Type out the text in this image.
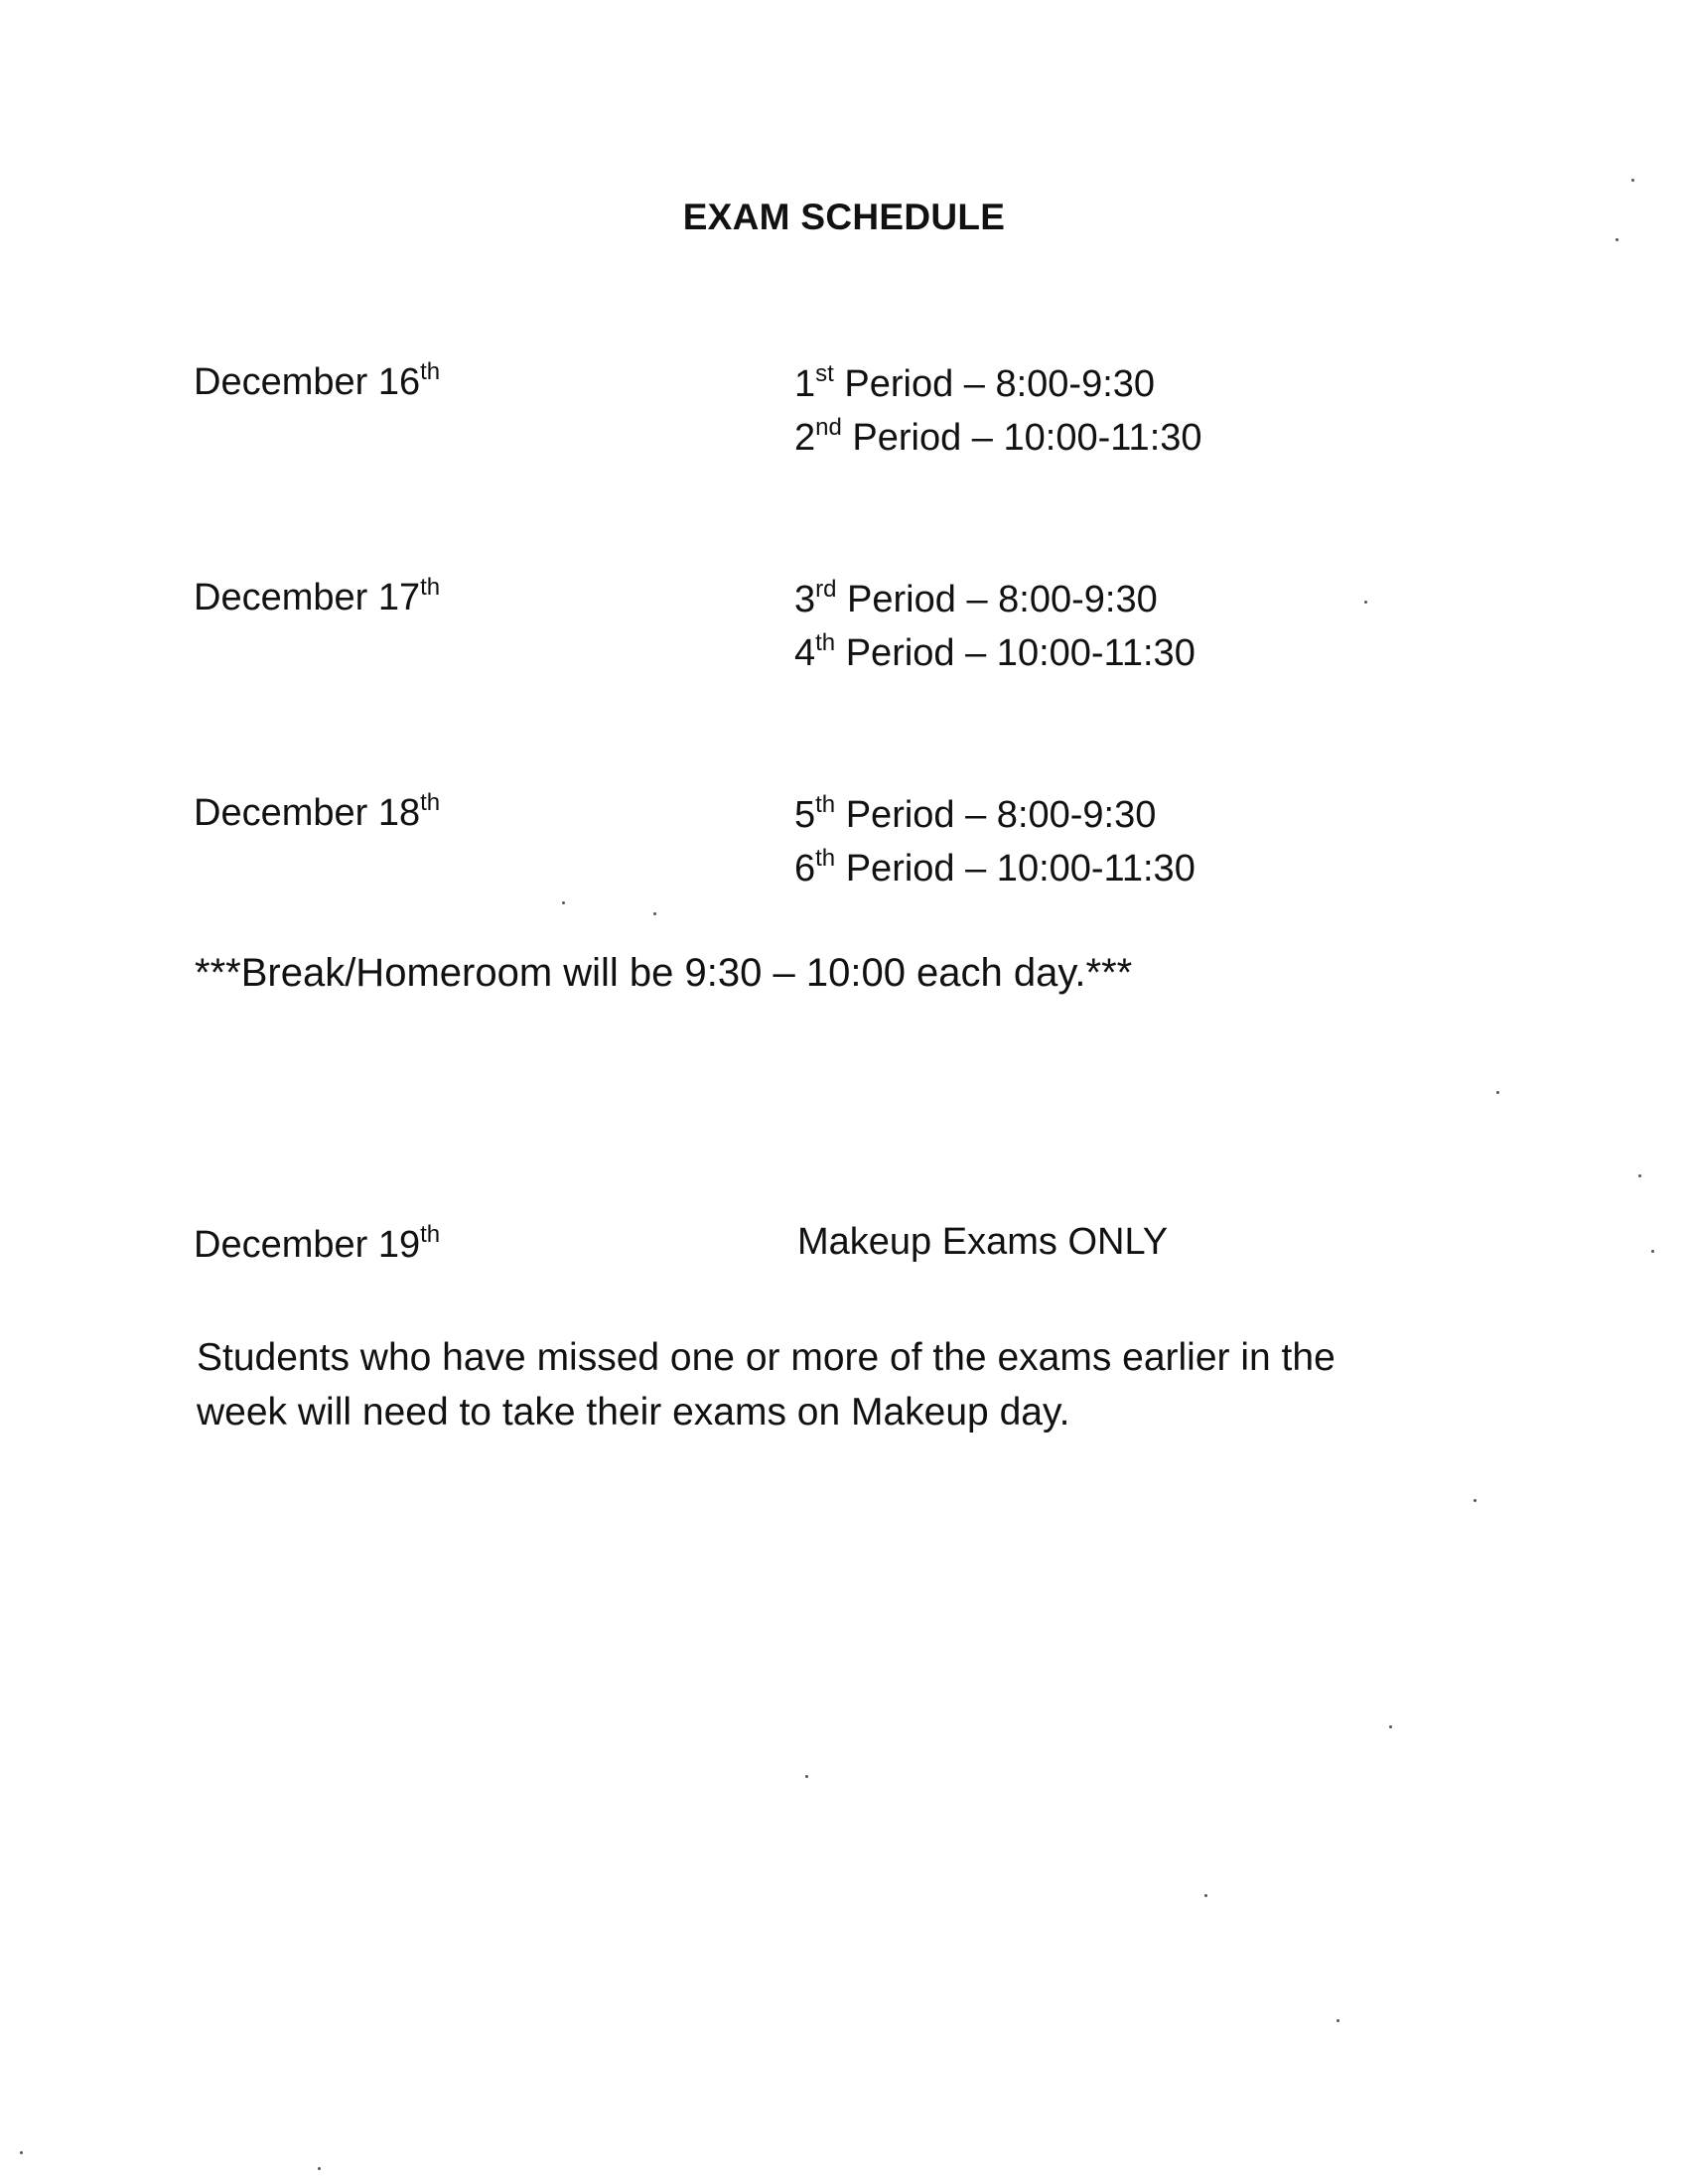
EXAM SCHEDULE
December 16th	1st Period – 8:00-9:30
2nd Period – 10:00-11:30
December 17th	3rd Period – 8:00-9:30
4th Period – 10:00-11:30
December 18th	5th Period – 8:00-9:30
6th Period – 10:00-11:30
***Break/Homeroom will be 9:30 – 10:00 each day.***
December 19th	Makeup Exams ONLY

Students who have missed one or more of the exams earlier in the

week will need to take their exams on Makeup day.
